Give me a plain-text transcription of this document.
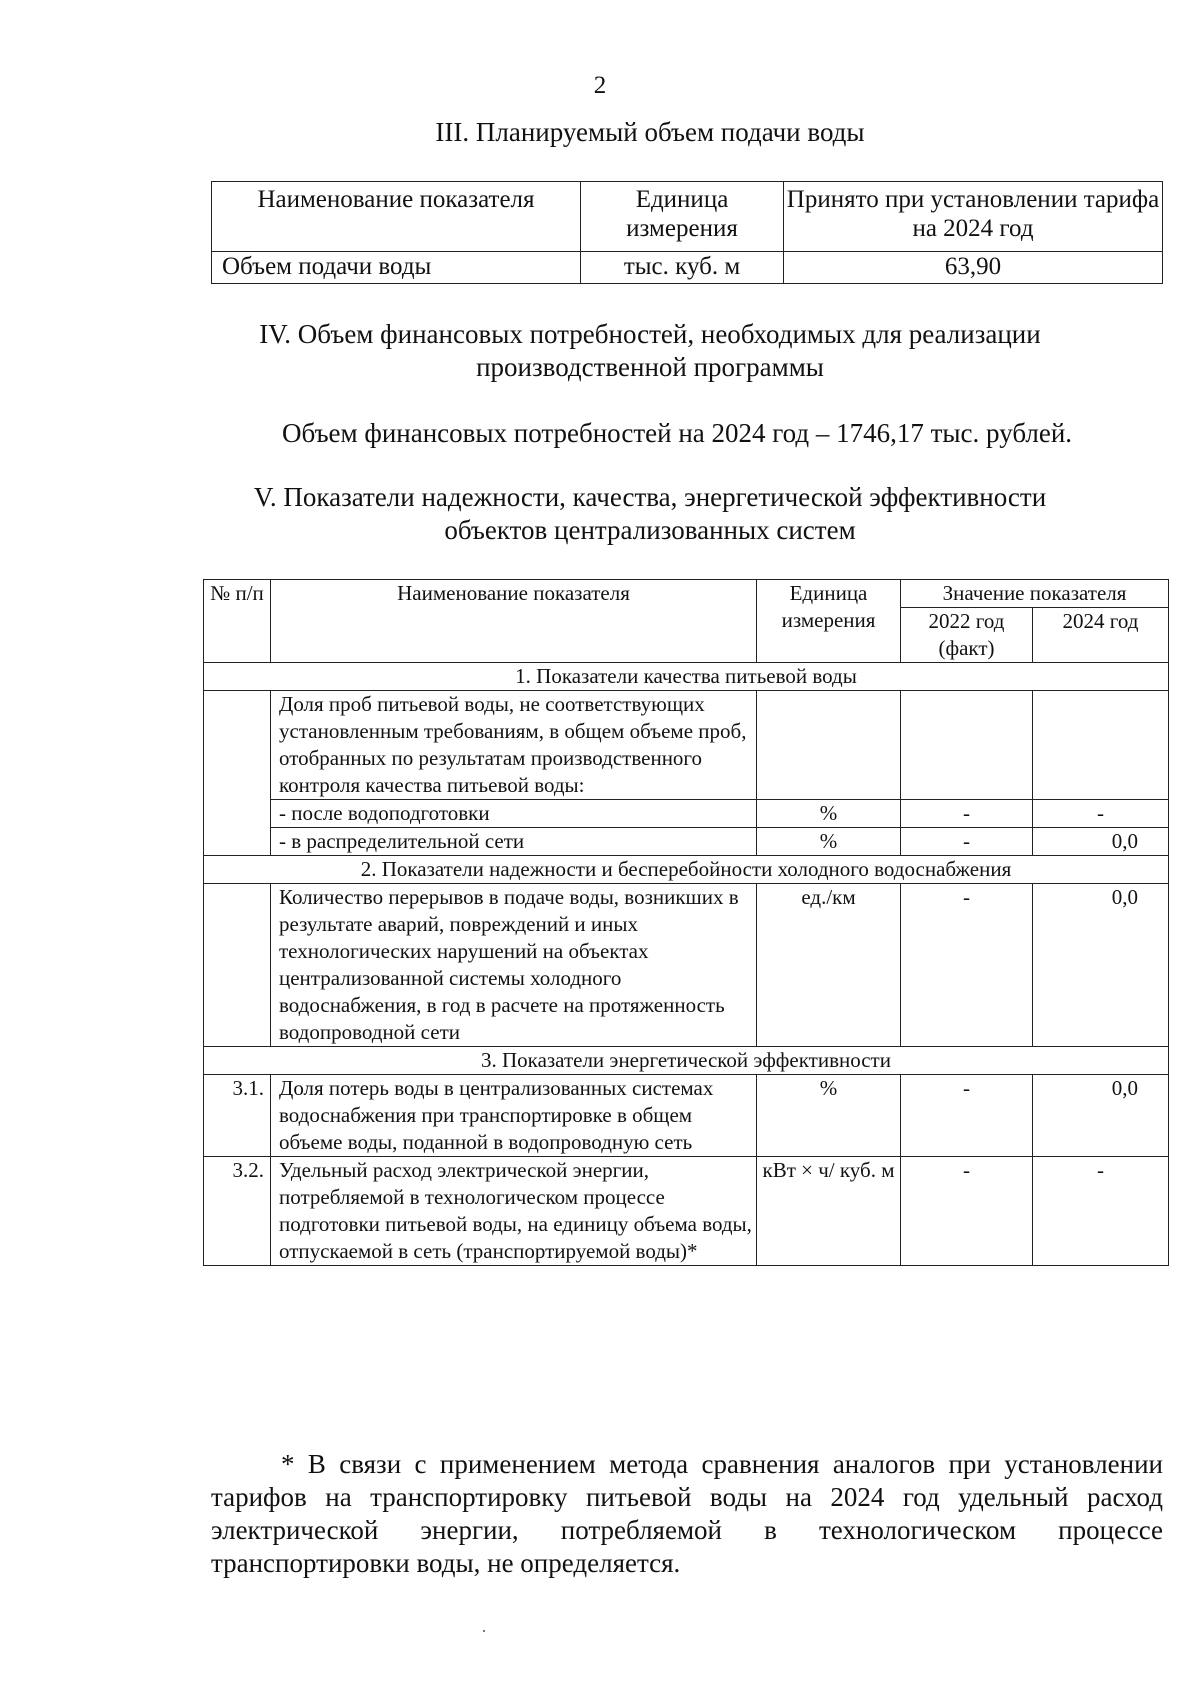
2
III. Планируемый объем подачи воды
Наименование показателя	Единица измерения	Принято при установлении тарифа на 2024 год
Объем подачи воды	тыс. куб. м	63,90
IV. Объем финансовых потребностей, необходимых для реализации
производственной программы
Объем финансовых потребностей на 2024 год – 1746,17 тыс. рублей.
V. Показатели надежности, качества, энергетической эффективности
объектов централизованных систем
№ п/п	Наименование показателя	Единица измерения	Значение показателя	
			2022 год (факт)	2024 год
1. Показатели качества питьевой воды				
	Доля проб питьевой воды, не соответствующих установленным требованиям, в общем объеме проб, отобранных по результатам производственного контроля качества питьевой воды:			
	- после водоподготовки	%	-	-
	- в распределительной сети	%	-	0,0
2. Показатели надежности и бесперебойности холодного водоснабжения				
	Количество перерывов в подаче воды, возникших в результате аварий, повреждений и иных технологических нарушений на объектах централизованной системы холодного водоснабжения, в год в расчете на протяженность водопроводной сети	ед./км	-	0,0
3. Показатели энергетической эффективности				
3.1.	Доля потерь воды в централизованных системах водоснабжения при транспортировке в общем объеме воды, поданной в водопроводную сеть	%	-	0,0
3.2.	Удельный расход электрической энергии, потребляемой в технологическом процессе подготовки питьевой воды, на единицу объема воды, отпускаемой в сеть (транспортируемой воды)*	кВт × ч/ куб. м	-	-
* В связи с применением метода сравнения аналогов при установлении тарифов на транспортировку питьевой воды на 2024 год удельный расход электрической энергии, потребляемой в технологическом процессе транспортировки воды, не определяется.
